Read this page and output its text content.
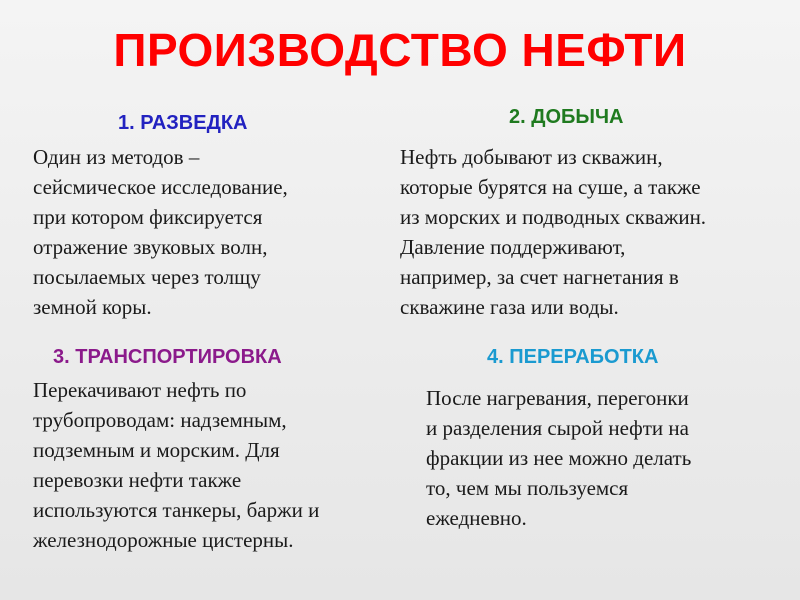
ПРОИЗВОДСТВО НЕФТИ
1. РАЗВЕДКА

Один из методов –
сейсмическое исследование,
при котором фиксируется
отражение звуковых волн,
посылаемых через толщу
земной коры.

2. ДОБЫЧА

Нефть добывают из скважин,
которые бурятся на суше, а также
из морских и подводных скважин.
Давление поддерживают,
например, за счет нагнетания в
скважине газа или воды.

3. ТРАНСПОРТИРОВКА

Перекачивают нефть по
трубопроводам: надземным,
подземным и морским. Для
перевозки нефти также
используются танкеры, баржи и
железнодорожные цистерны.

4. ПЕРЕРАБОТКА

После нагревания, перегонки
и разделения сырой нефти на
фракции из нее можно делать
то, чем мы пользуемся
ежедневно.
